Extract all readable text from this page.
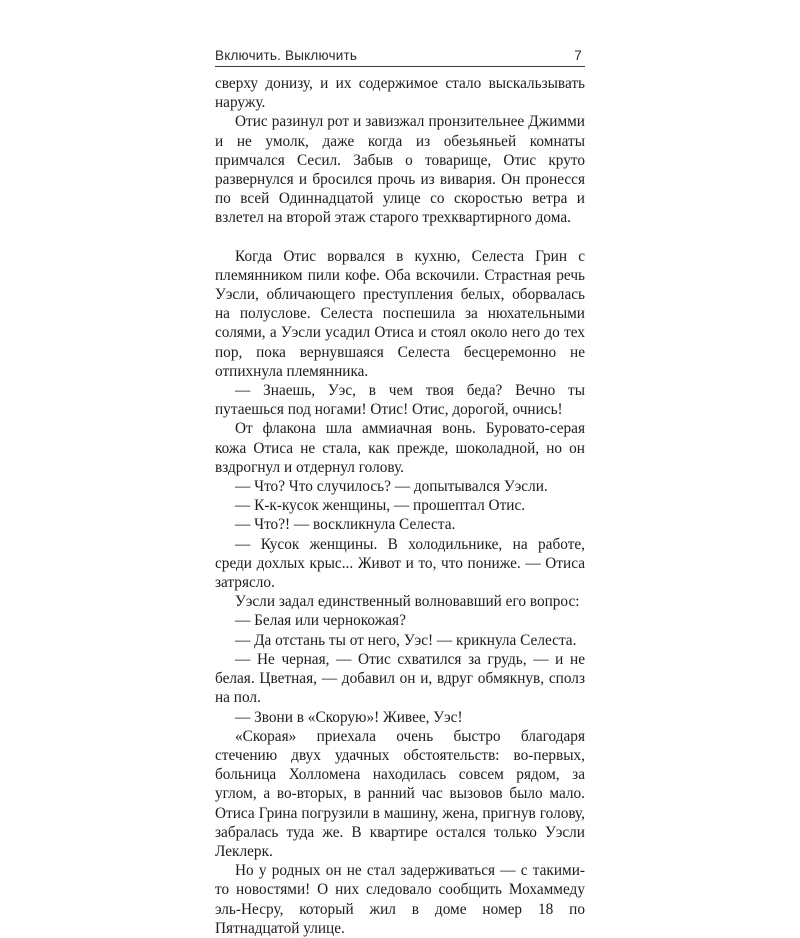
Включить. Выключить	7

сверху донизу, и их содержимое стало выскальзывать наружу.

Отис разинул рот и завизжал пронзительнее Джимми и не умолк, даже когда из обезьяньей комнаты примчался Сесил. Забыв о товарище, Отис круто развернулся и бросился прочь из вивария. Он пронесся по всей Одиннадцатой улице со скоростью ветра и взлетел на второй этаж старого трехквартирного дома.

Когда Отис ворвался в кухню, Селеста Грин с племянником пили кофе. Оба вскочили. Страстная речь Уэсли, обличающего преступления белых, оборвалась на полуслове. Селеста поспешила за нюхательными солями, а Уэсли усадил Отиса и стоял около него до тех пор, пока вернувшаяся Селеста бесцеремонно не отпихнула племянника.

— Знаешь, Уэс, в чем твоя беда? Вечно ты путаешься под ногами! Отис! Отис, дорогой, очнись!

От флакона шла аммиачная вонь. Буровато-серая кожа Отиса не стала, как прежде, шоколадной, но он вздрогнул и отдернул голову.

— Что? Что случилось? — допытывался Уэсли.

— К-к-кусок женщины, — прошептал Отис.

— Что?! — воскликнула Селеста.

— Кусок женщины. В холодильнике, на работе, среди дохлых крыс... Живот и то, что пониже. — Отиса затрясло.

Уэсли задал единственный волновавший его вопрос:

— Белая или чернокожая?

— Да отстань ты от него, Уэс! — крикнула Селеста.

— Не черная, — Отис схватился за грудь, — и не белая. Цветная, — добавил он и, вдруг обмякнув, сполз на пол.

— Звони в «Скорую»! Живее, Уэс!

«Скорая» приехала очень быстро благодаря стечению двух удачных обстоятельств: во-первых, больница Холломена находилась совсем рядом, за углом, а во-вторых, в ранний час вызовов было мало. Отиса Грина погрузили в машину, жена, пригнув голову, забралась туда же. В квартире остался только Уэсли Леклерк.

Но у родных он не стал задерживаться — с такими-то новостями! О них следовало сообщить Мохаммеду эль-Несру, который жил в доме номер 18 по Пятнадцатой улице.
